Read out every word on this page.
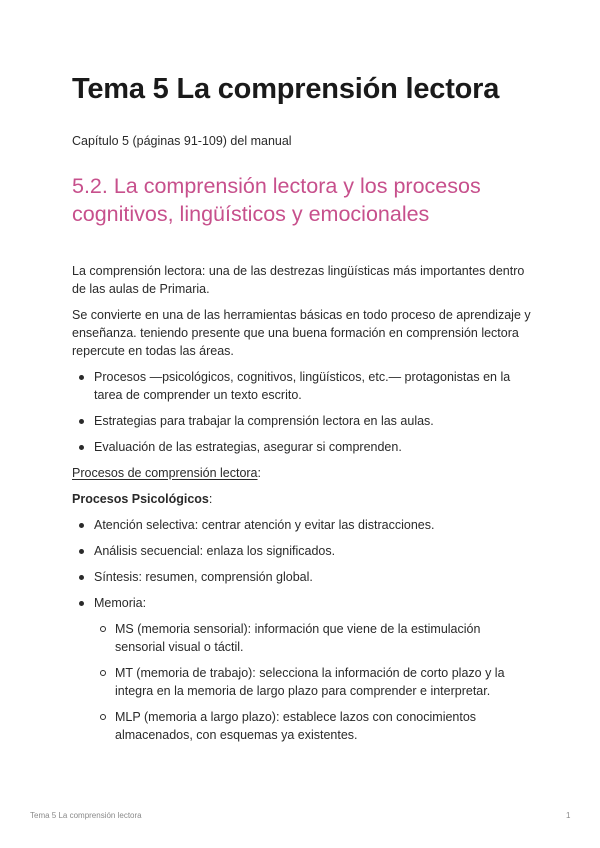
Tema 5 La comprensión lectora
Capítulo 5 (páginas 91-109) del manual
5.2. La comprensión lectora y los procesos cognitivos, lingüísticos y emocionales

La comprensión lectora: una de las destrezas lingüísticas más importantes dentro de las aulas de Primaria.

Se convierte en una de las herramientas básicas en todo proceso de aprendizaje y enseñanza. teniendo presente que una buena formación en comprensión lectora repercute en todas las áreas.

Procesos —psicológicos, cognitivos, lingüísticos, etc.— protagonistas en la tarea de comprender un texto escrito.
Estrategias para trabajar la comprensión lectora en las aulas.
Evaluación de las estrategias, asegurar si comprenden.

Procesos de comprensión lectora:

Procesos Psicológicos:

Atención selectiva: centrar atención y evitar las distracciones.
Análisis secuencial: enlaza los significados.
Síntesis: resumen, comprensión global.
Memoria:
MS (memoria sensorial): información que viene de la estimulación sensorial visual o táctil.
MT (memoria de trabajo): selecciona la información de corto plazo y la integra en la memoria de largo plazo para comprender e interpretar.
MLP (memoria a largo plazo): establece lazos con conocimientos almacenados, con esquemas ya existentes.
Tema 5 La comprensión lectora	1
